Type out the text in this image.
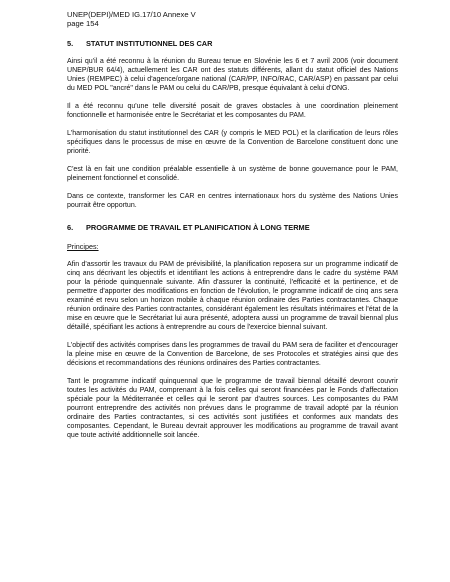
UNEP(DEPI)/MED IG.17/10 Annexe V
page 154
5.	STATUT INSTITUTIONNEL DES CAR

Ainsi qu'il a été reconnu à la réunion du Bureau tenue en Slovénie les 6 et 7 avril 2006 (voir document UNEP/BUR 64/4), actuellement les CAR ont des statuts différents, allant du statut officiel des Nations Unies (REMPEC) à celui d'agence/organe national (CAR/PP, INFO/RAC, CAR/ASP) en passant par celui du MED POL "ancré" dans le PAM ou celui du CAR/PB, presque équivalant à celui d'ONG.

Il a été reconnu qu'une telle diversité posait de graves obstacles à une coordination pleinement fonctionnelle et harmonisée entre le Secrétariat et les composantes du PAM.

L'harmonisation du statut institutionnel des CAR (y compris le MED POL) et la clarification de leurs rôles spécifiques dans le processus de mise en œuvre de la Convention de Barcelone constituent donc une priorité.

C'est là en fait une condition préalable essentielle à un système de bonne gouvernance pour le PAM, pleinement fonctionnel et consolidé.

Dans ce contexte, transformer les CAR en centres internationaux hors du système des Nations Unies pourrait être opportun.

6.	PROGRAMME DE TRAVAIL ET PLANIFICATION À LONG TERME
Principes:

Afin d'assortir les travaux du PAM de prévisibilité, la planification reposera sur un programme indicatif de cinq ans décrivant les objectifs et identifiant les actions à entreprendre dans le cadre du système PAM pour la période quinquennale suivante. Afin d'assurer la continuité, l'efficacité et la pertinence, et de permettre d'apporter des modifications en fonction de l'évolution, le programme indicatif de cinq ans sera examiné et revu selon un horizon mobile à chaque réunion ordinaire des Parties contractantes. Chaque réunion ordinaire des Parties contractantes, considérant également les résultats intérimaires et l'état de la mise en œuvre que le Secrétariat lui aura présenté, adoptera aussi un programme de travail biennal plus détaillé, spécifiant les actions à entreprendre au cours de l'exercice biennal suivant.

L'objectif des activités comprises dans les programmes de travail du PAM sera de faciliter et d'encourager la pleine mise en œuvre de la Convention de Barcelone, de ses Protocoles et stratégies ainsi que des décisions et recommandations des réunions ordinaires des Parties contractantes.

Tant le programme indicatif quinquennal que le programme de travail biennal détaillé devront couvrir toutes les activités du PAM, comprenant à la fois celles qui seront financées par le Fonds d'affectation spéciale pour la Méditerranée et celles qui le seront par d'autres sources. Les composantes du PAM pourront entreprendre des activités non prévues dans le programme de travail adopté par la réunion ordinaire des Parties contractantes, si ces activités sont justifiées et conformes aux mandats des composantes. Cependant, le Bureau devrait approuver les modifications au programme de travail avant que toute activité additionnelle soit lancée.
